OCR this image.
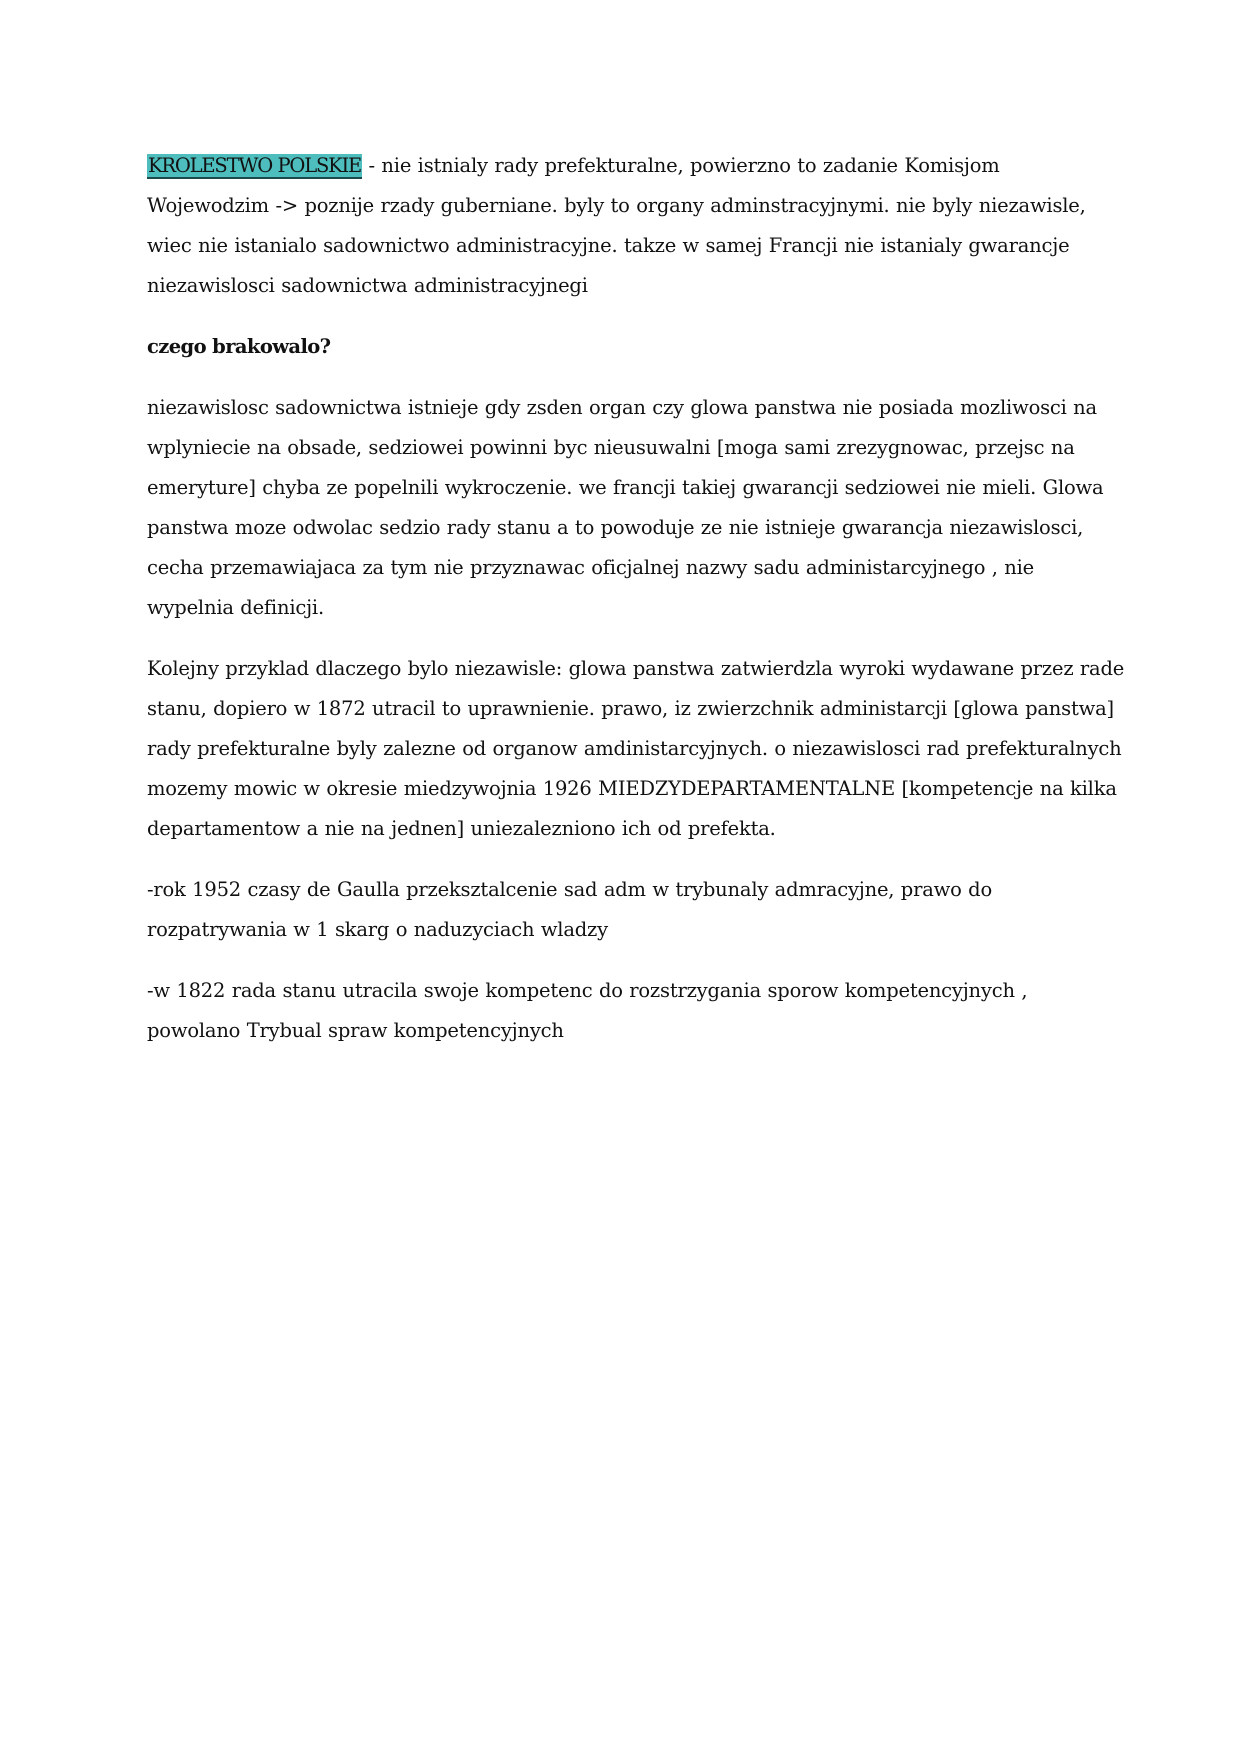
KROLESTWO POLSKIE - nie istnialy rady prefekturalne, powierzno to zadanie Komisjom
Wojewodzim -> poznije rzady guberniane. byly to organy adminstracyjnymi. nie byly niezawisle,
wiec nie istanialo sadownictwo administracyjne. takze w samej Francji nie istanialy gwarancje
niezawislosci sadownictwa administracyjnegi

czego brakowalo?

niezawislosc sadownictwa istnieje gdy zsden organ czy glowa panstwa nie posiada mozliwosci na
wplyniecie na obsade, sedziowei powinni byc nieusuwalni [moga sami zrezygnowac, przejsc na
emeryture] chyba ze popelnili wykroczenie. we francji takiej gwarancji sedziowei nie mieli. Glowa
panstwa moze odwolac sedzio rady stanu a to powoduje ze nie istnieje gwarancja niezawislosci,
cecha przemawiajaca za tym nie przyznawac oficjalnej nazwy sadu administarcyjnego , nie
wypelnia definicji.

Kolejny przyklad dlaczego bylo niezawisle: glowa panstwa zatwierdzla wyroki wydawane przez rade
stanu, dopiero w 1872 utracil to uprawnienie. prawo, iz zwierzchnik administarcji [glowa panstwa]
rady prefekturalne byly zalezne od organow amdinistarcyjnych. o niezawislosci rad prefekturalnych
mozemy mowic w okresie miedzywojnia 1926 MIEDZYDEPARTAMENTALNE [kompetencje na kilka
departamentow a nie na jednen] uniezalezniono ich od prefekta.

-rok 1952 czasy de Gaulla przeksztalcenie sad adm w trybunaly admracyjne, prawo do
rozpatrywania w 1 skarg o naduzyciach wladzy

-w 1822 rada stanu utracila swoje kompetenc do rozstrzygania sporow kompetencyjnych ,
powolano Trybual spraw kompetencyjnych
